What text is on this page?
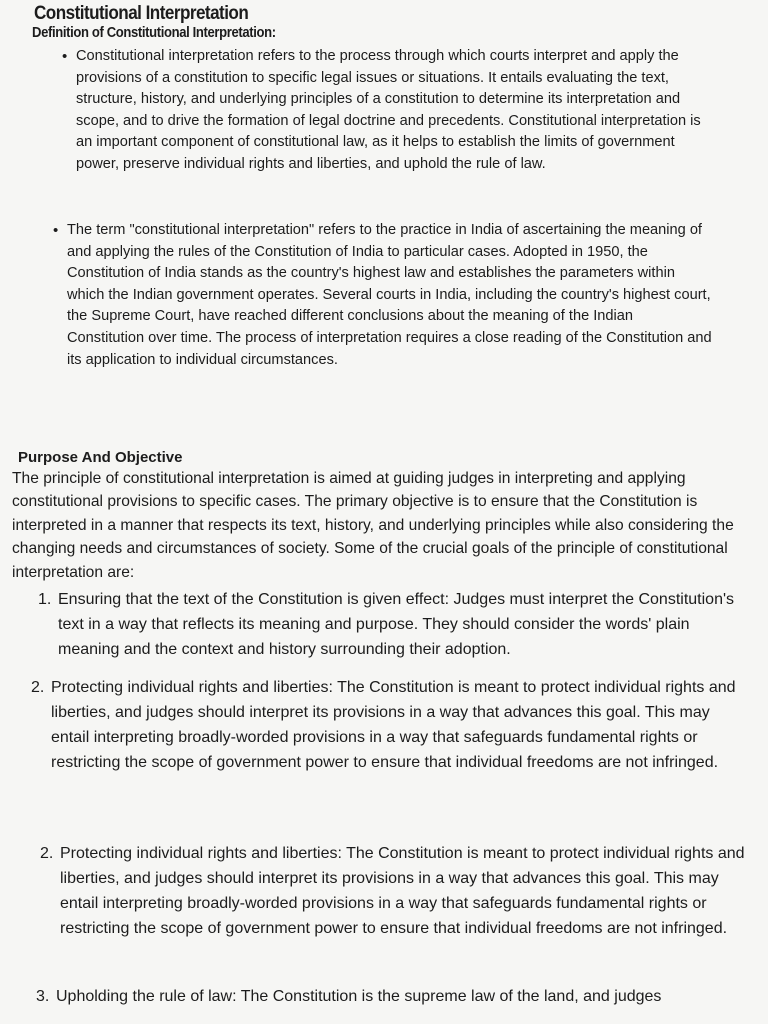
Constitutional Interpretation
Definition of Constitutional Interpretation:
• Constitutional interpretation refers to the process through which courts interpret and apply the provisions of a constitution to specific legal issues or situations. It entails evaluating the text, structure, history, and underlying principles of a constitution to determine its interpretation and scope, and to drive the formation of legal doctrine and precedents. Constitutional interpretation is an important component of constitutional law, as it helps to establish the limits of government power, preserve individual rights and liberties, and uphold the rule of law.
• The term "constitutional interpretation" refers to the practice in India of ascertaining the meaning of and applying the rules of the Constitution of India to particular cases. Adopted in 1950, the Constitution of India stands as the country's highest law and establishes the parameters within which the Indian government operates. Several courts in India, including the country's highest court, the Supreme Court, have reached different conclusions about the meaning of the Indian Constitution over time. The process of interpretation requires a close reading of the Constitution and its application to individual circumstances.
Purpose And Objective
The principle of constitutional interpretation is aimed at guiding judges in interpreting and applying constitutional provisions to specific cases. The primary objective is to ensure that the Constitution is interpreted in a manner that respects its text, history, and underlying principles while also considering the changing needs and circumstances of society. Some of the crucial goals of the principle of constitutional interpretation are:
1. Ensuring that the text of the Constitution is given effect: Judges must interpret the Constitution's text in a way that reflects its meaning and purpose. They should consider the words' plain meaning and the context and history surrounding their adoption.
2. Protecting individual rights and liberties: The Constitution is meant to protect individual rights and liberties, and judges should interpret its provisions in a way that advances this goal. This may entail interpreting broadly-worded provisions in a way that safeguards fundamental rights or restricting the scope of government power to ensure that individual freedoms are not infringed.
2. Protecting individual rights and liberties: The Constitution is meant to protect individual rights and liberties, and judges should interpret its provisions in a way that advances this goal. This may entail interpreting broadly-worded provisions in a way that safeguards fundamental rights or restricting the scope of government power to ensure that individual freedoms are not infringed.
3. Upholding the rule of law: The Constitution is the supreme law of the land, and judges
